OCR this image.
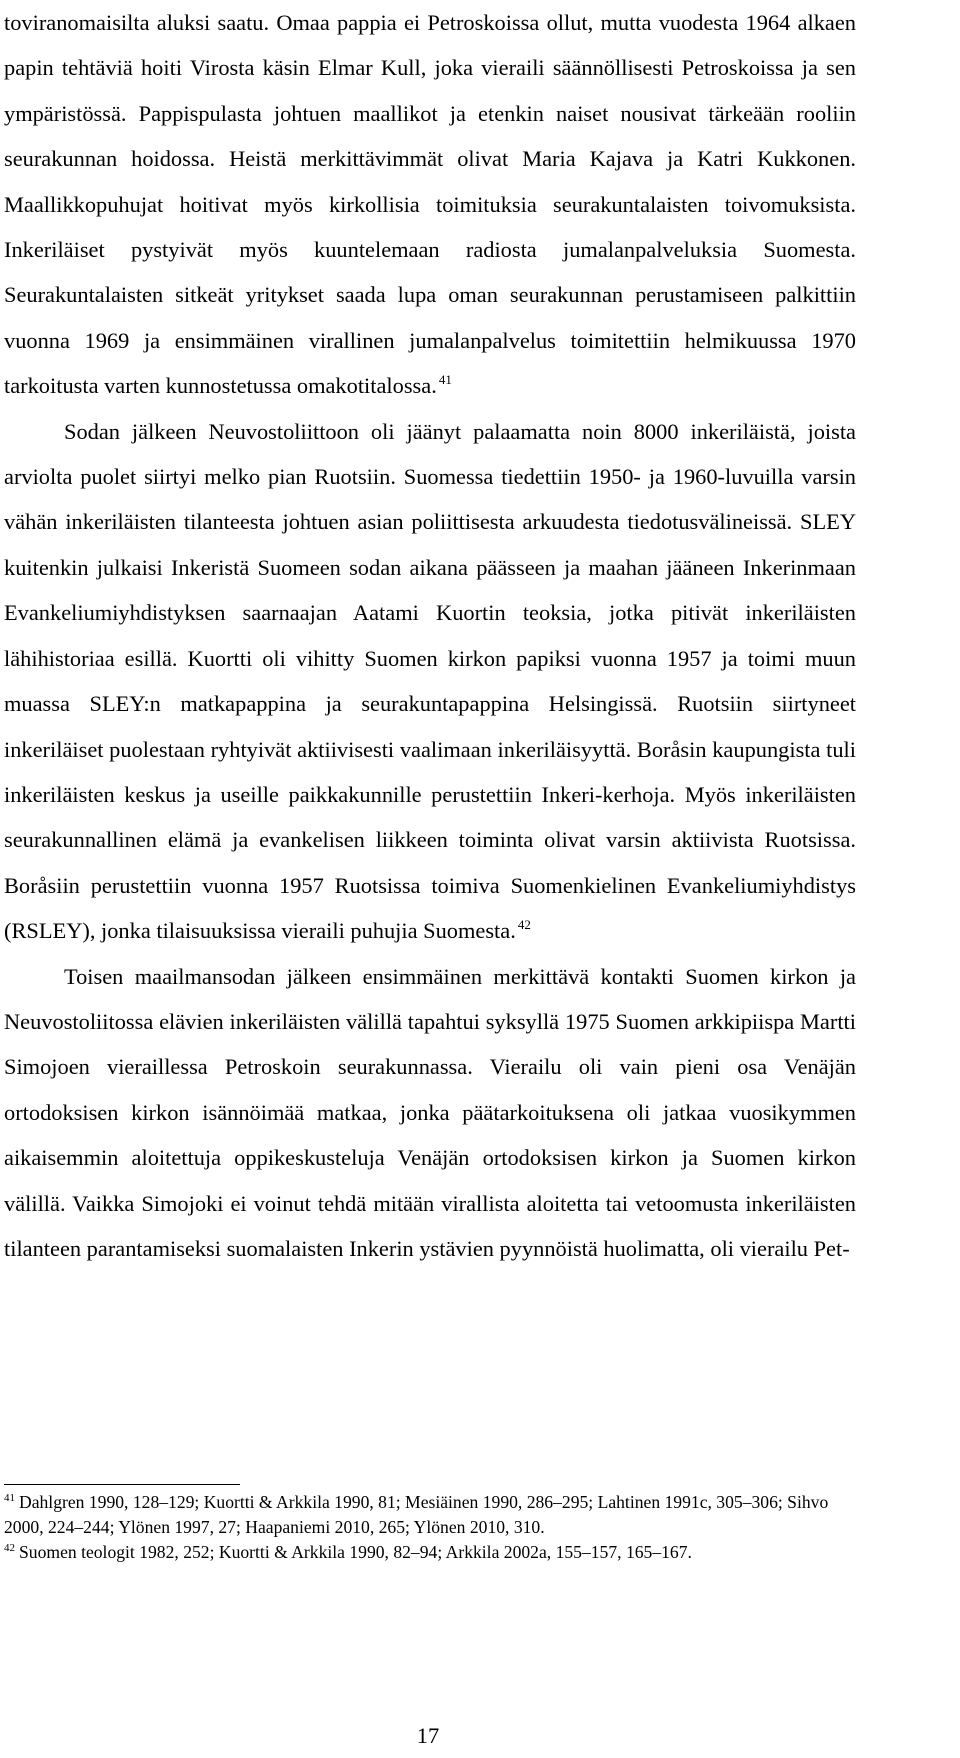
toviranomaisilta aluksi saatu. Omaa pappia ei Petroskoissa ollut, mutta vuodesta 1964 alkaen papin tehtäviä hoiti Virosta käsin Elmar Kull, joka vieraili säännöllisesti Petroskoissa ja sen ympäristössä. Pappispulasta johtuen maallikot ja etenkin naiset nousivat tärkeään rooliin seurakunnan hoidossa. Heistä merkittävimmät olivat Maria Kajava ja Katri Kukkonen. Maallikkopuhujat hoitivat myös kirkollisia toimituksia seurakuntalaisten toivomuksista. Inkeriläiset pystyivät myös kuuntelemaan radiosta jumalanpalveluksia Suomesta. Seurakuntalaisten sitkeät yritykset saada lupa oman seurakunnan perustamiseen palkittiin vuonna 1969 ja ensimmäinen virallinen jumalanpalvelus toimitettiin helmikuussa 1970 tarkoitusta varten kunnostetussa omakotitalossa. $^{41}$

Sodan jälkeen Neuvostoliittoon oli jäänyt palaamatta noin 8000 inkeriläistä, joista arviolta puolet siirtyi melko pian Ruotsiin. Suomessa tiedettiin 1950- ja 1960-luvuilla varsin vähän inkeriläisten tilanteesta johtuen asian poliittisesta arkuudesta tiedotusvälineissä. SLEY kuitenkin julkaisi Inkeristä Suomeen sodan aikana päässeen ja maahan jääneen Inkerinmaan Evankeliumiyhdistyksen saarnaajan Aatami Kuortin teoksia, jotka pitivät inkeriläisten lähihistoriaa esillä. Kuortti oli vihitty Suomen kirkon papiksi vuonna 1957 ja toimi muun muassa SLEY:n matkapappina ja seurakuntapappina Helsingissä. Ruotsiin siirtyneet inkeriläiset puolestaan ryhtyivät aktiivisesti vaalimaan inkeriläisyyttä. Boråsin kaupungista tuli inkeriläisten keskus ja useille paikkakunnille perustettiin Inkeri-kerhoja. Myös inkeriläisten seurakunnallinen elämä ja evankelisen liikkeen toiminta olivat varsin aktiivista Ruotsissa. Boråsiin perustettiin vuonna 1957 Ruotsissa toimiva Suomenkielinen Evankeliumiyhdistys (RSLEY), jonka tilaisuuksissa vieraili puhujia Suomesta. $^{42}$

Toisen maailmansodan jälkeen ensimmäinen merkittävä kontakti Suomen kirkon ja Neuvostoliitossa elävien inkeriläisten välillä tapahtui syksyllä 1975 Suomen arkkipiispa Martti Simojoen vieraillessa Petroskoin seurakunnassa. Vierailu oli vain pieni osa Venäjän ortodoksisen kirkon isännöimää matkaa, jonka päätarkoituksena oli jatkaa vuosikymmen aikaisemmin aloitettuja oppikeskusteluja Venäjän ortodoksisen kirkon ja Suomen kirkon välillä. Vaikka Simojoki ei voinut tehdä mitään virallista aloitetta tai vetoomusta inkeriläisten tilanteen parantamiseksi suomalaisten Inkerin ystävien pyynnöistä huolimatta, oli vierailu Pet-

$^{41}$ Dahlgren 1990, 128–129; Kuortti & Arkkila 1990, 81; Mesiäinen 1990, 286–295; Lahtinen 1991c, 305–306; Sihvo 2000, 224–244; Ylönen 1997, 27; Haapaniemi 2010, 265; Ylönen 2010, 310.

$^{42}$ Suomen teologit 1982, 252; Kuortti & Arkkila 1990, 82–94; Arkkila 2002a, 155–157, 165–167.

17
